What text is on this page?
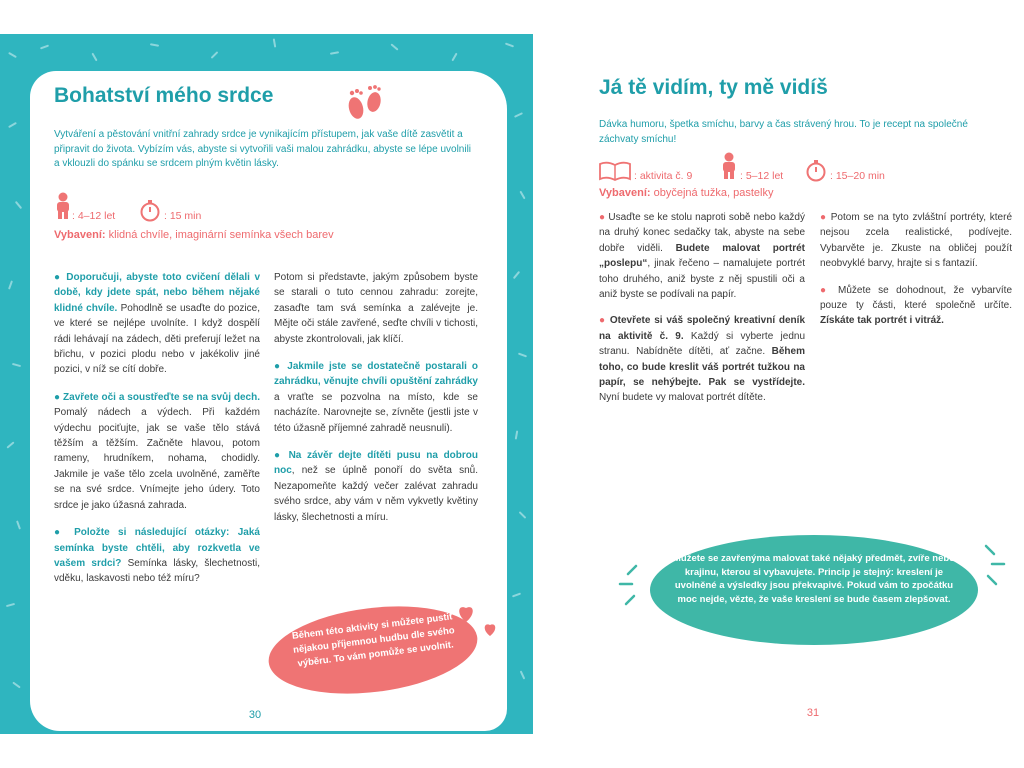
Bohatství mého srdce

Vytváření a pěstování vnitřní zahrady srdce je vynikajícím přístupem, jak vaše dítě zasvětit a připravit do života. Vybízím vás, abyste si vytvořili vaši malou zahrádku, abyste se lépe uvolnili a vklouzli do spánku se srdcem plným květin lásky.

: 4–12 let	: 15 min
Vybavení: klidná chvíle, imaginární semínka všech barev

● Doporučuji, abyste toto cvičení dělali v době, kdy jdete spát, nebo během nějaké klidné chvíle. Pohodlně se usaďte do pozice, ve které se nejlépe uvolníte. I když dospělí rádi lehávají na zádech, děti preferují ležet na břichu, v pozici plodu nebo v jakékoliv jiné pozici, v níž se cítí dobře.

● Zavřete oči a soustřeďte se na svůj dech. Pomalý nádech a výdech. Při každém výdechu pociťujte, jak se vaše tělo stává těžším a těžším. Začněte hlavou, potom rameny, hrudníkem, nohama, chodidly. Jakmile je vaše tělo zcela uvolněné, zaměřte se na své srdce. Vnímejte jeho údery. Toto srdce je jako úžasná zahrada.

● Položte si následující otázky: Jaká semínka byste chtěli, aby rozkvetla ve vašem srdci? Semínka lásky, šlechetnosti, vděku, laskavosti nebo též míru?

Potom si představte, jakým způsobem byste se starali o tuto cennou zahradu: zorejte, zasaďte tam svá semínka a zalévejte je. Mějte oči stále zavřené, seďte chvíli v tichosti, abyste zkontrolovali, jak klíčí.

● Jakmile jste se dostatečně postarali o zahrádku, věnujte chvíli opuštění zahrádky a vraťte se pozvolna na místo, kde se nacházíte. Narovnejte se, zívněte (jestli jste v této úžasně příjemné zahradě neusnuli).

● Na závěr dejte dítěti pusu na dobrou noc, než se úplně ponoří do světa snů. Nezapomeňte každý večer zalévat zahradu svého srdce, aby vám v něm vykvetly květiny lásky, šlechetnosti a míru.

Během této aktivity si můžete pustit nějakou příjemnou hudbu dle svého výběru. To vám pomůže se uvolnit.
30
Já tě vidím, ty mě vidíš

Dávka humoru, špetka smíchu, barvy a čas strávený hrou. To je recept na společné záchvaty smíchu!

: aktivita č. 9	: 5–12 let	: 15–20 min
Vybavení: obyčejná tužka, pastelky

● Usaďte se ke stolu naproti sobě nebo každý na druhý konec sedačky tak, abyste na sebe dobře viděli. Budete malovat portrét „poslepu“, jinak řečeno – namalujete portrét toho druhého, aniž byste z něj spustili oči a aniž byste se podívali na papír.

● Otevřete si váš společný kreativní deník na aktivitě č. 9. Každý si vyberte jednu stranu. Nabídněte dítěti, ať začne. Během toho, co bude kreslit váš portrét tužkou na papír, se nehýbejte. Pak se vystřídejte. Nyní budete vy malovat portrét dítěte.

● Potom se na tyto zvláštní portréty, které nejsou zcela realistické, podívejte. Vybarvěte je. Zkuste na obličej použít neobvyklé barvy, hrajte si s fantazií.

● Můžete se dohodnout, že vybarvíte pouze ty části, které společně určíte. Získáte tak portrét i vitráž.

Můžete se zavřenýma malovat také nějaký předmět, zvíře nebo krajinu, kterou si vybavujete. Princip je stejný: kreslení je uvolněné a výsledky jsou překvapivé. Pokud vám to zpočátku moc nejde, vězte, že vaše kreslení se bude časem zlepšovat.
31
